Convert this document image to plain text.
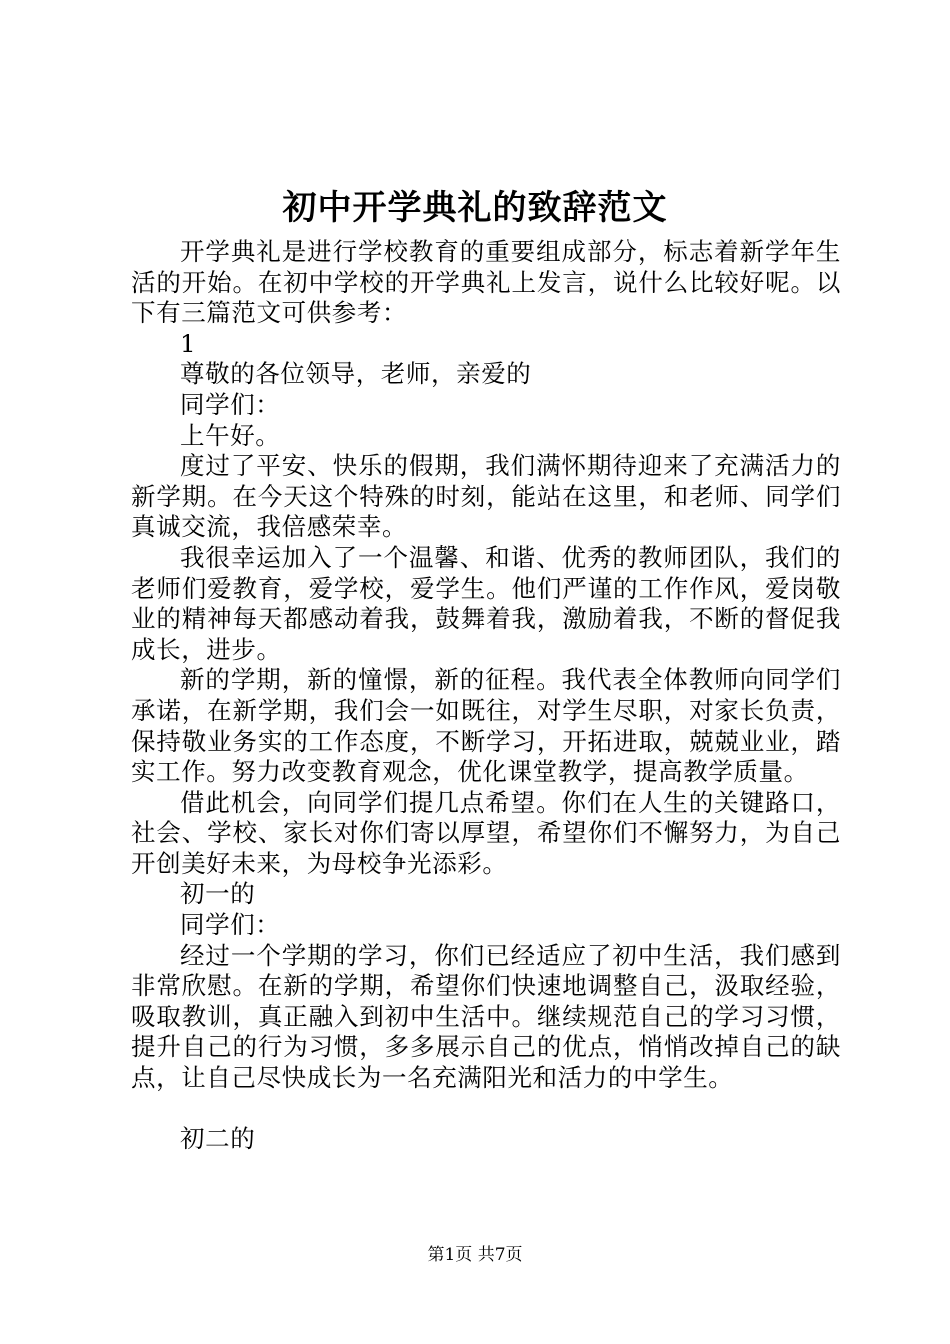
初中开学典礼的致辞范文

开学典礼是进行学校教育的重要组成部分，标志着新学年生活的开始。在初中学校的开学典礼上发言，说什么比较好呢。以下有三篇范文可供参考：

1

尊敬的各位领导，老师，亲爱的

同学们：

上午好。

度过了平安、快乐的假期，我们满怀期待迎来了充满活力的新学期。在今天这个特殊的时刻，能站在这里，和老师、同学们真诚交流，我倍感荣幸。

我很幸运加入了一个温馨、和谐、优秀的教师团队，我们的老师们爱教育，爱学校，爱学生。他们严谨的工作作风，爱岗敬业的精神每天都感动着我，鼓舞着我，激励着我，不断的督促我成长，进步。

新的学期，新的憧憬，新的征程。我代表全体教师向同学们承诺，在新学期，我们会一如既往，对学生尽职，对家长负责，保持敬业务实的工作态度，不断学习，开拓进取，兢兢业业，踏实工作。努力改变教育观念，优化课堂教学，提高教学质量。

借此机会，向同学们提几点希望。你们在人生的关键路口，社会、学校、家长对你们寄以厚望，希望你们不懈努力，为自己开创美好未来，为母校争光添彩。

初一的

同学们：

经过一个学期的学习，你们已经适应了初中生活，我们感到非常欣慰。在新的学期，希望你们快速地调整自己，汲取经验，吸取教训，真正融入到初中生活中。继续规范自己的学习习惯，提升自己的行为习惯，多多展示自己的优点，悄悄改掉自己的缺点，让自己尽快成长为一名充满阳光和活力的中学生。

初二的

第1页 共7页
